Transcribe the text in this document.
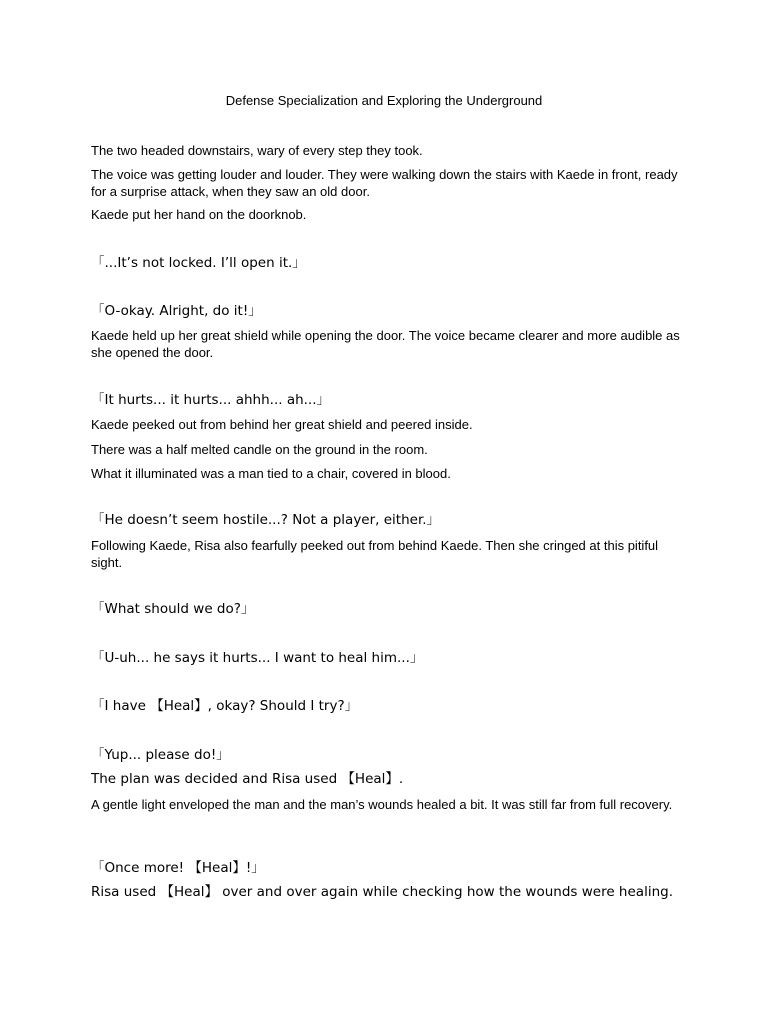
Defense Specialization and Exploring the Underground

The two headed downstairs, wary of every step they took.

The voice was getting louder and louder. They were walking down the stairs with Kaede in front, ready for a surprise attack, when they saw an old door.

Kaede put her hand on the doorknob.

「...It’s not locked. I’ll open it.」

「O-okay. Alright, do it!」

Kaede held up her great shield while opening the door. The voice became clearer and more audible as she opened the door.

「It hurts... it hurts... ahhh... ah...」

Kaede peeked out from behind her great shield and peered inside.

There was a half melted candle on the ground in the room.

What it illuminated was a man tied to a chair, covered in blood.

「He doesn’t seem hostile...? Not a player, either.」

Following Kaede, Risa also fearfully peeked out from behind Kaede. Then she cringed at this pitiful sight.

「What should we do?」

「U-uh... he says it hurts... I want to heal him...」

「I have 【Heal】, okay? Should I try?」

「Yup... please do!」

The plan was decided and Risa used 【Heal】.

A gentle light enveloped the man and the man’s wounds healed a bit. It was still far from full recovery.

「Once more! 【Heal】!」

Risa used 【Heal】 over and over again while checking how the wounds were healing.
